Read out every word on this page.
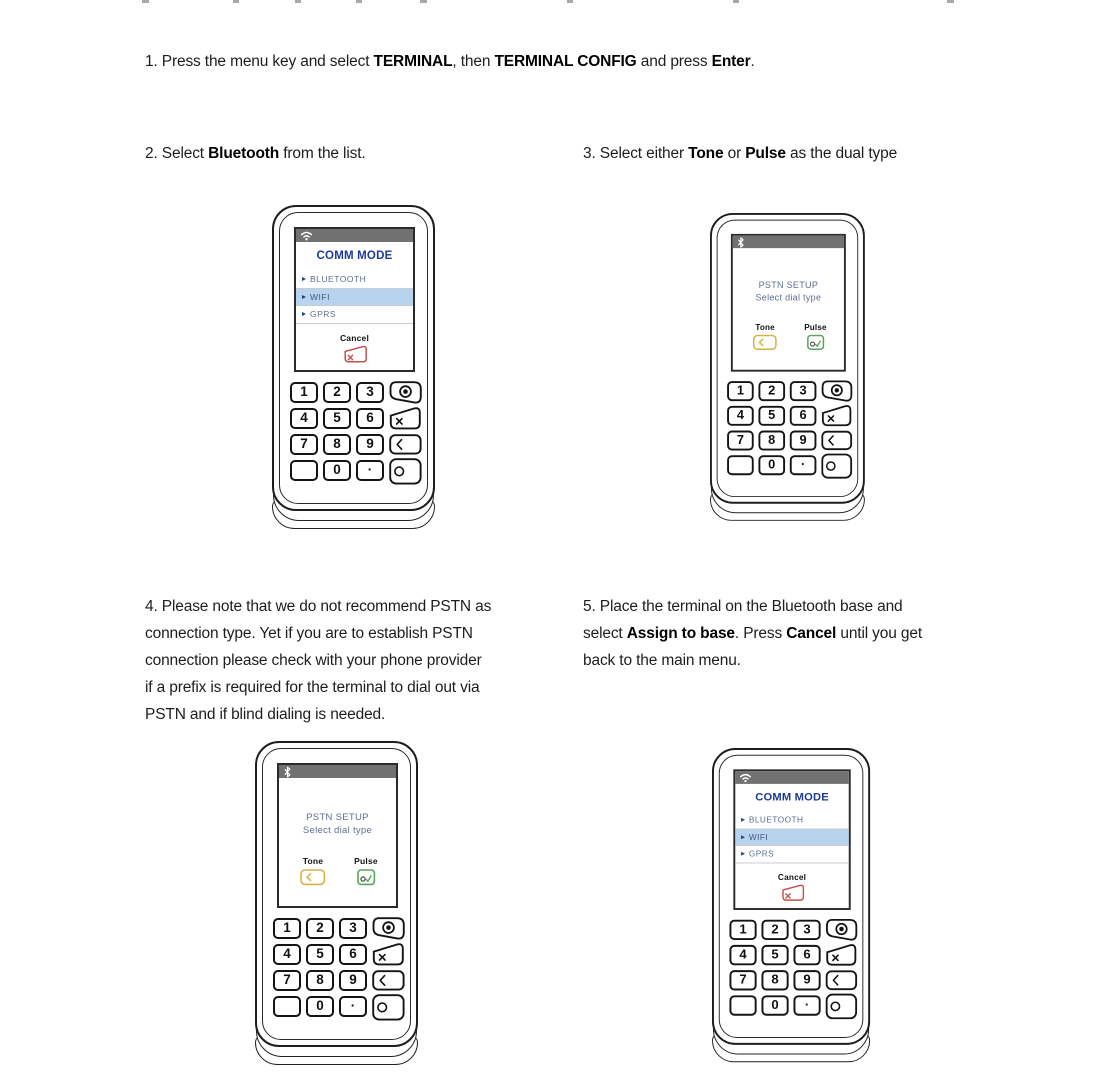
1. Press the menu key and select TERMINAL, then TERMINAL CONFIG and press Enter.

2. Select Bluetooth from the list.	3. Select either Tone or Pulse as the dual type

4. Please note that we do not recommend PSTN as
connection type. Yet if you are to establish PSTN
connection please check with your phone provider
if a prefix is required for the terminal to dial out via
PSTN and if blind dialing is needed.
5. Place the terminal on the Bluetooth base and
select Assign to base. Press Cancel until you get
back to the main menu.
COMM MODE
BLUETOOTH
WIFI
GPRS
Cancel
1	2	3
4	5	6
7	8	9
0	·
PSTN SETUP
Select dial type
Tone	Pulse
1	2	3
4	5	6
7	8	9
0	·
PSTN SETUP
Select dial type
Tone	Pulse
1	2	3
4	5	6
7	8	9
0	·
COMM MODE
BLUETOOTH
WIFI
GPRS
Cancel
1	2	3
4	5	6
7	8	9
0	·
